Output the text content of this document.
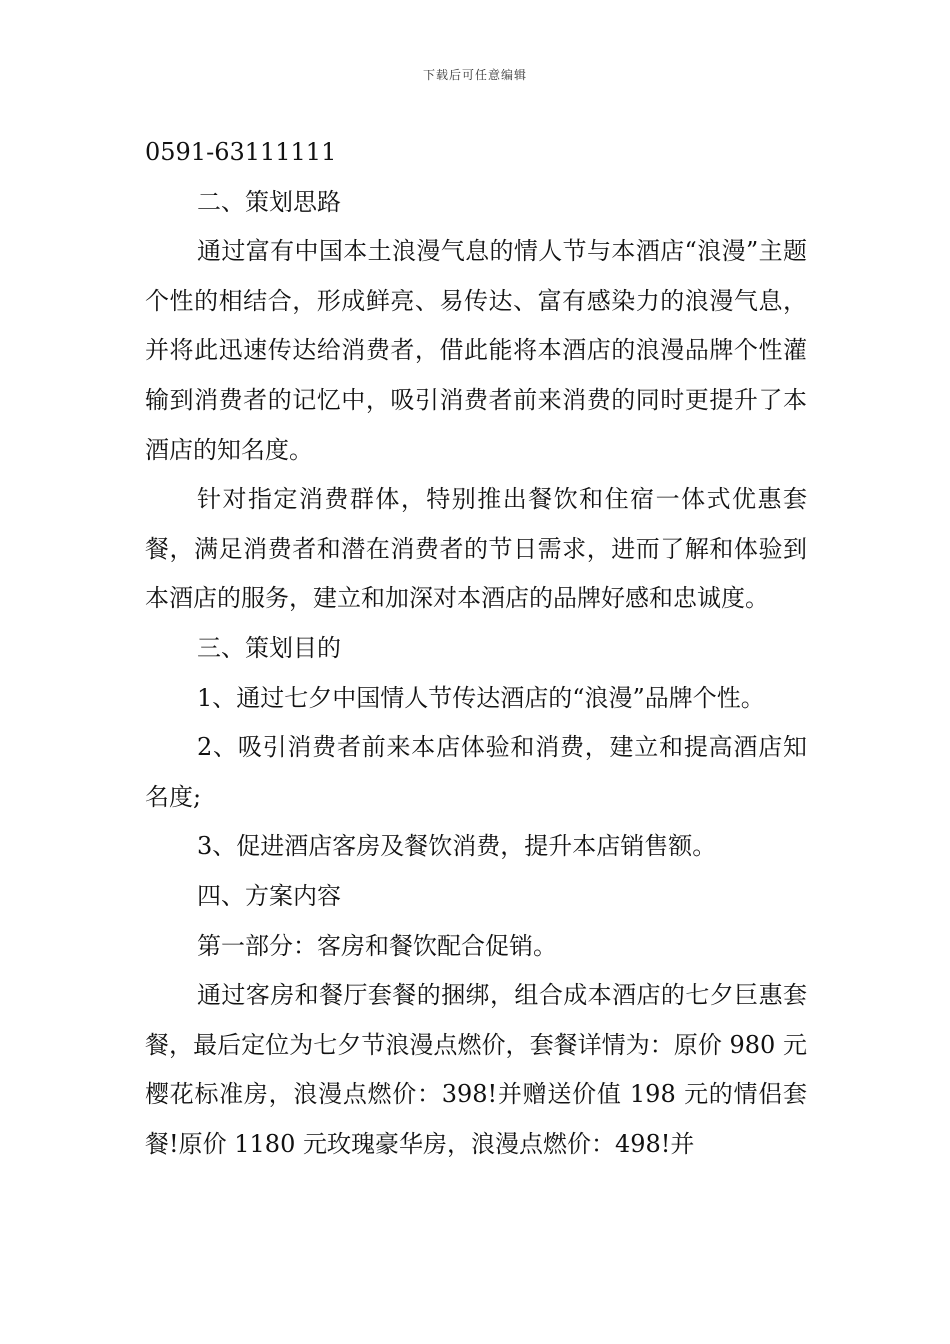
下载后可任意编辑

0591-63111111

二、策划思路

通过富有中国本土浪漫气息的情人节与本酒店“浪漫”主题个性的相结合，形成鲜亮、易传达、富有感染力的浪漫气息，并将此迅速传达给消费者，借此能将本酒店的浪漫品牌个性灌输到消费者的记忆中，吸引消费者前来消费的同时更提升了本酒店的知名度。

针对指定消费群体，特别推出餐饮和住宿一体式优惠套餐，满足消费者和潜在消费者的节日需求，进而了解和体验到本酒店的服务，建立和加深对本酒店的品牌好感和忠诚度。

三、策划目的

1、通过七夕中国情人节传达酒店的“浪漫”品牌个性。

2、吸引消费者前来本店体验和消费，建立和提高酒店知名度;

3、促进酒店客房及餐饮消费，提升本店销售额。

四、方案内容

第一部分：客房和餐饮配合促销。

通过客房和餐厅套餐的捆绑，组合成本酒店的七夕巨惠套餐，最后定位为七夕节浪漫点燃价，套餐详情为：原价 980 元樱花标准房，浪漫点燃价：398!并赠送价值 198 元的情侣套餐!原价 1180 元玫瑰豪华房，浪漫点燃价：498!并
